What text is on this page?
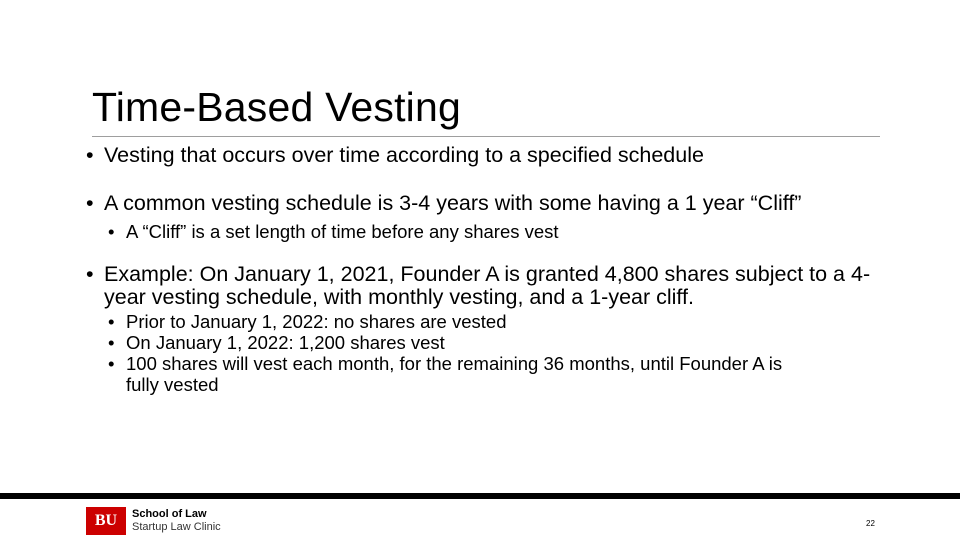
Time-Based Vesting
• Vesting that occurs over time according to a specified schedule
• A common vesting schedule is 3-4 years with some having a 1 year “Cliff”
• A “Cliff” is a set length of time before any shares vest
• Example: On January 1, 2021, Founder A is granted 4,800 shares subject to a 4-year vesting schedule, with monthly vesting, and a 1-year cliff.
• Prior to January 1, 2022: no shares are vested
• On January 1, 2022: 1,200 shares vest
• 100 shares will vest each month, for the remaining 36 months, until Founder A is fully vested
BU	School of Law
Startup Law Clinic	22
